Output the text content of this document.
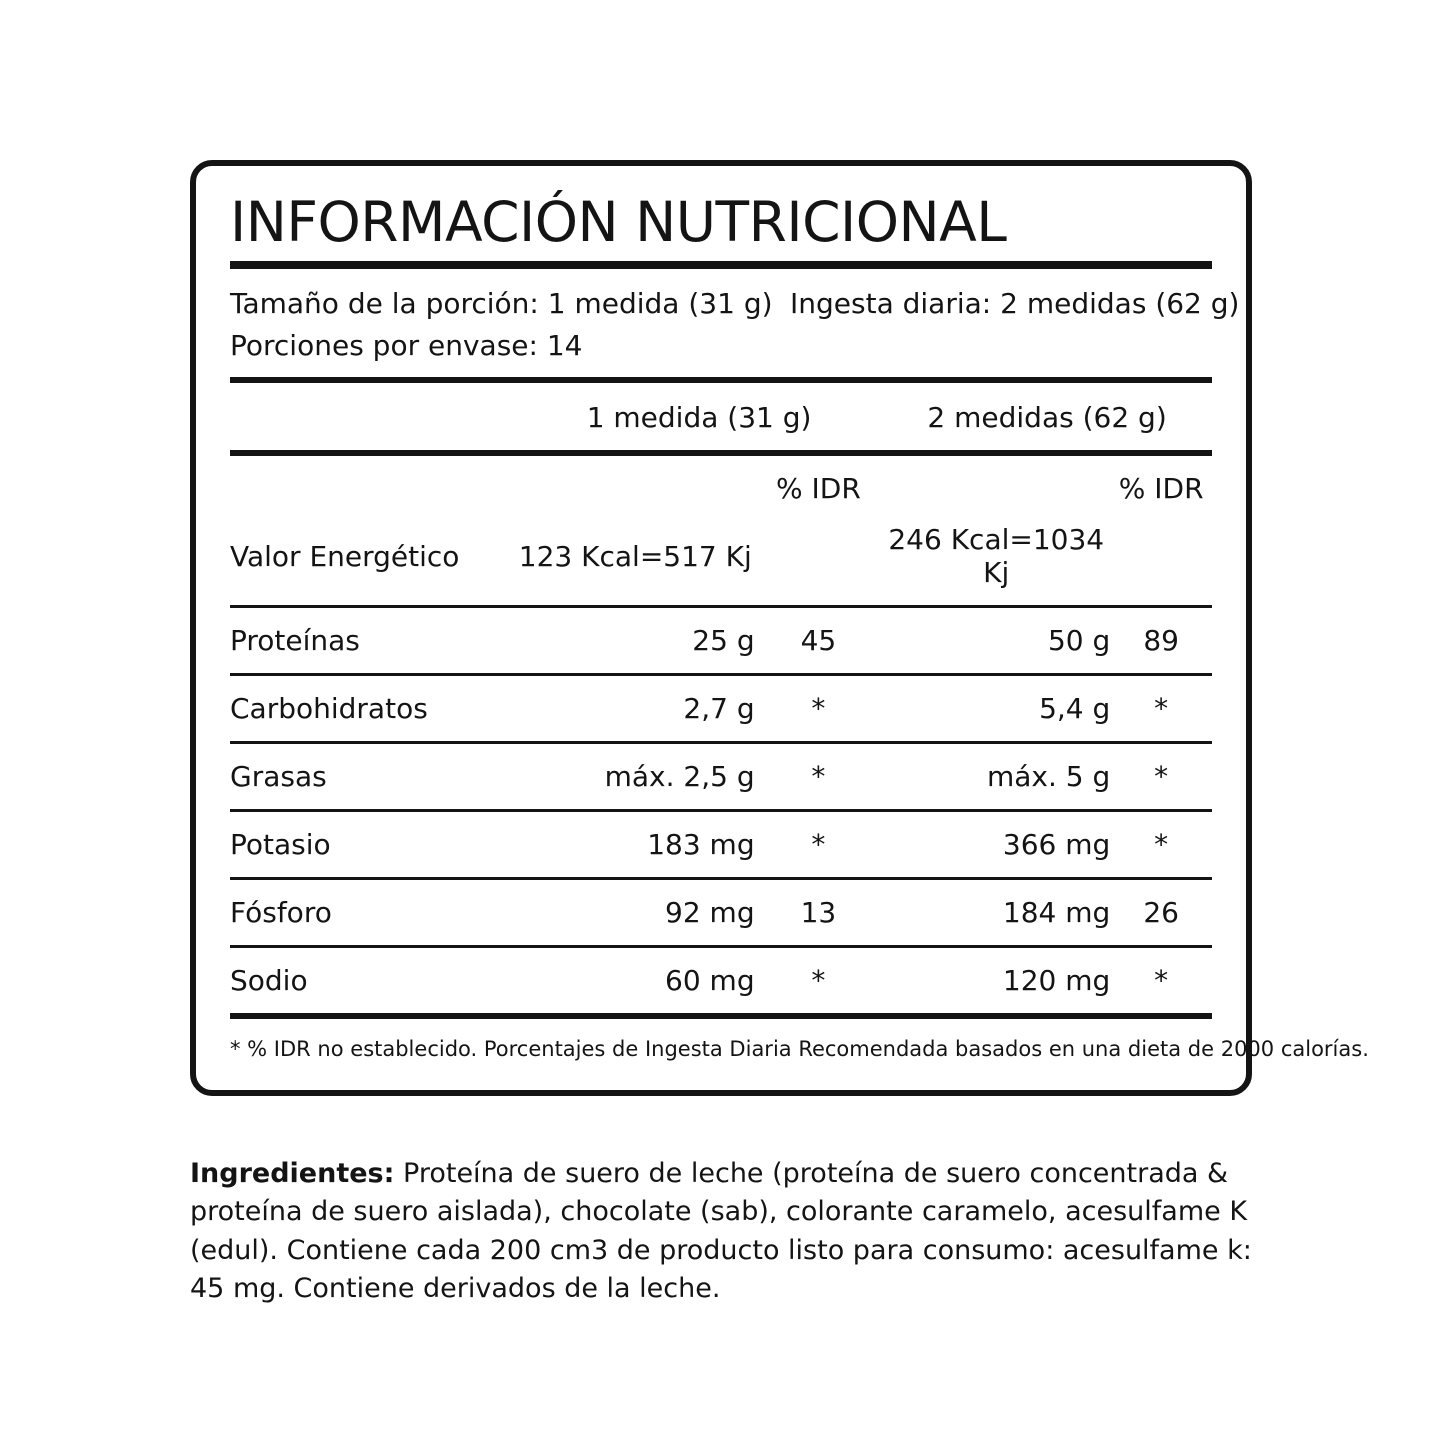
INFORMACIÓN NUTRICIONAL
Tamaño de la porción: 1 medida (31 g) Ingesta diaria: 2 medidas (62 g)
Porciones por envase: 14
	1 medida (31 g)		2 medidas (62 g)	

		% IDR		% IDR
Valor Energético	123 Kcal=517 Kj		246 Kcal=1034 Kj	

Proteínas	25 g	45	50 g	89

Carbohidratos	2,7 g	*	5,4 g	*

Grasas	máx. 2,5 g	*	máx. 5 g	*

Potasio	183 mg	*	366 mg	*

Fósforo	92 mg	13	184 mg	26

Sodio	60 mg	*	120 mg	*

* % IDR no establecido. Porcentajes de Ingesta Diaria Recomendada basados en una dieta de 2000 calorías.
Ingredientes: Proteína de suero de leche (proteína de suero concentrada & proteína de suero aislada), chocolate (sab), colorante caramelo, acesulfame K (edul). Contiene cada 200 cm3 de producto listo para consumo: acesulfame k: 45 mg. Contiene derivados de la leche.
